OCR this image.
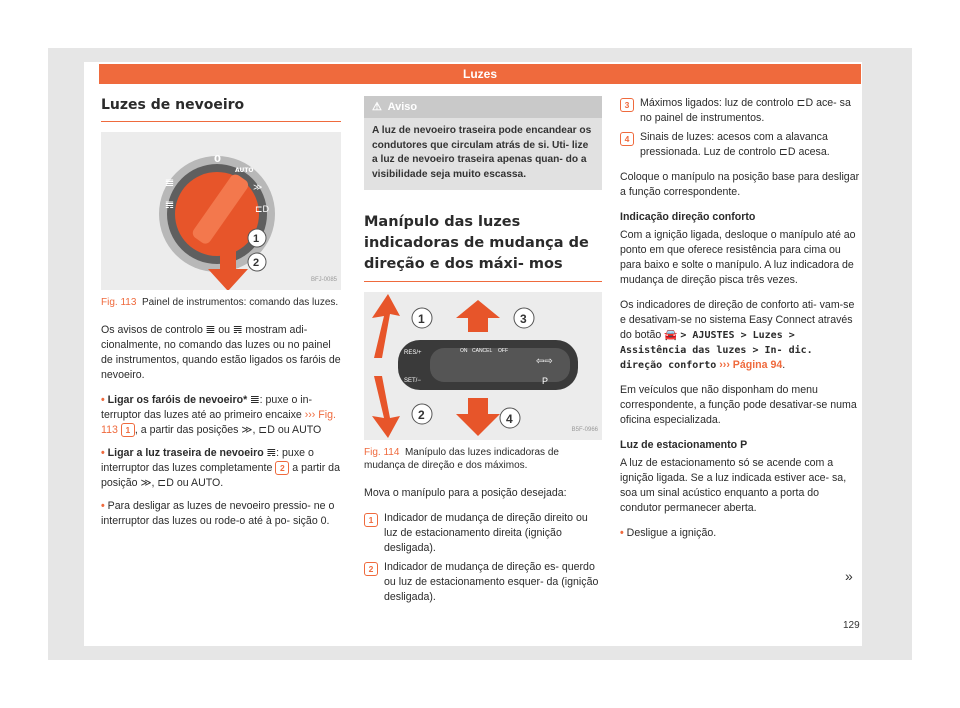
Luzes
Luzes de nevoeiro
0
AUTO
𝌆
𝌇
≫
⊏D
1
2
BFJ-0085
Fig. 113 Painel de instrumentos: comando das luzes.

Os avisos de controlo 𝌆 ou 𝌇 mostram adi- cionalmente, no comando das luzes ou no painel de instrumentos, quando estão ligados os faróis de nevoeiro.

• Ligar os faróis de nevoeiro* 𝌆: puxe o in- terruptor das luzes até ao primeiro encaixe ››› Fig. 113 1 , a partir das posições ≫, ⊏D ou AUTO
• Ligar a luz traseira de nevoeiro 𝌇: puxe o interruptor das luzes completamente 2 a partir da posição ≫, ⊏D ou AUTO.
• Para desligar as luzes de nevoeiro pressio- ne o interruptor das luzes ou rode-o até à po- sição 0.
⚠ Aviso
A luz de nevoeiro traseira pode encandear os condutores que circulam atrás de si. Uti- lize a luz de nevoeiro traseira apenas quan- do a visibilidade seja muito escassa.
Manípulo das luzes indicadoras de mudança de direção e dos máxi- mos
RES/+
SET/−
ON CANCEL OFF
⇦⇨
P
1
2
3
4
B5F-0966
Fig. 114 Manípulo das luzes indicadoras de mudança de direção e dos máximos.

Mova o manípulo para a posição desejada:

1	Indicador de mudança de direção direito ou luz de estacionamento direita (ignição desligada).
2	Indicador de mudança de direção es- querdo ou luz de estacionamento esquer- da (ignição desligada).
3	Máximos ligados: luz de controlo ⊏D ace- sa no painel de instrumentos.
4	Sinais de luzes: acesos com a alavanca pressionada. Luz de controlo ⊏D acesa.

Coloque o manípulo na posição base para desligar a função correspondente.

Indicação direção conforto

Com a ignição ligada, desloque o manípulo até ao ponto em que oferece resistência para cima ou para baixo e solte o manípulo. A luz indicadora de mudança de direção pisca três vezes.

Os indicadores de direção de conforto ati- vam-se e desativam-se no sistema Easy Connect através do botão 🚘 > AJUSTES > Luzes > Assistência das luzes > In- dic. direção conforto ››› Página 94.

Em veículos que não disponham do menu correspondente, a função pode desativar-se numa oficina especializada.

Luz de estacionamento P

A luz de estacionamento só se acende com a ignição ligada. Se a luz indicada estiver ace- sa, soa um sinal acústico enquanto a porta do condutor permanecer aberta.

• Desligue a ignição.
»
129
